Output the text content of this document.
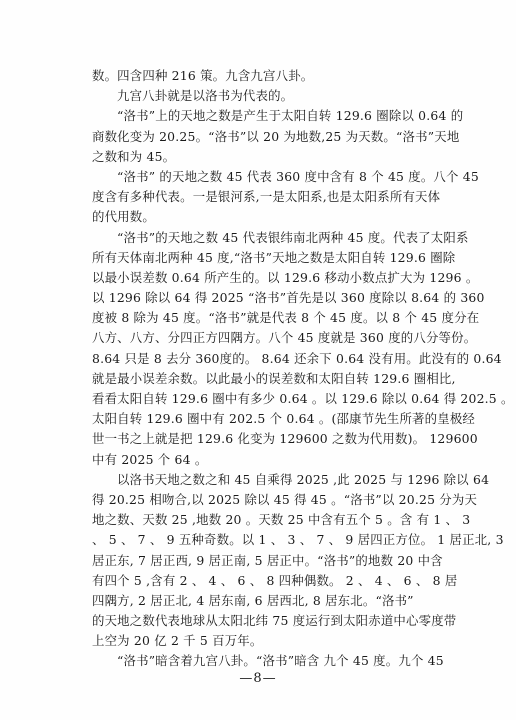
数。四含四种 216 策。九含九宫八卦。
九宫八卦就是以洛书为代表的。
“洛书”上的天地之数是产生于太阳自转 129.6 圈除以 0.64 的
商数化变为 20.25。“洛书”以 20 为地数,25 为天数。“洛书”天地
之数和为 45。
“洛书” 的天地之数 45 代表 360 度中含有 8 个 45 度。八个 45
度含有多种代表。一是银河系,一是太阳系,也是太阳系所有天体
的代用数。
“洛书”的天地之数 45 代表银纬南北两种 45 度。代表了太阳系
所有天体南北两种 45 度,“洛书”天地之数是太阳自转 129.6 圈除
以最小误差数 0.64 所产生的。以 129.6 移动小数点扩大为 1296 。
以 1296 除以 64 得 2025 “洛书”首先是以 360 度除以 8.64 的 360
度被 8 除为 45 度。“洛书”就是代表 8 个 45 度。以 8 个 45 度分在
八方、八方、分四正方四隅方。八个 45 度就是 360 度的八分等份。
8.64 只是 8 去分 360度的。 8.64 还余下 0.64 没有用。此没有的 0.64
就是最小误差余数。以此最小的误差数和太阳自转 129.6 圈相比,
看看太阳自转 129.6 圈中有多少 0.64 。以 129.6 除以 0.64 得 202.5 。
太阳自转 129.6 圈中有 202.5 个 0.64 。(邵康节先生所著的皇极经
世一书之上就是把 129.6 化变为 129600 之数为代用数)。 129600
中有 2025 个 64 。
以洛书天地之数之和 45 自乘得 2025 ,此 2025 与 1296 除以 64
得 20.25 相吻合,以 2025 除以 45 得 45 。“洛书”以 20.25 分为天
地之数、天数 25 ,地数 20 。天数 25 中含有五个 5 。含 有 1 、 3
、 5 、 7 、 9 五种奇数。以 1 、 3 、 7 、 9 居四正方位。 1 居正北, 3
居正东, 7 居正西, 9 居正南, 5 居正中。“洛书”的地数 20 中含
有四个 5 ,含有 2 、 4 、 6 、 8 四种偶数。 2 、 4 、 6 、 8 居
四隅方, 2 居正北, 4 居东南, 6 居西北, 8 居东北。“洛书”
的天地之数代表地球从太阳北纬 75 度运行到太阳赤道中心零度带
上空为 20 亿 2 千 5 百万年。
“洛书”暗含着九宫八卦。“洛书”暗含 九个 45 度。九个 45
—8—
